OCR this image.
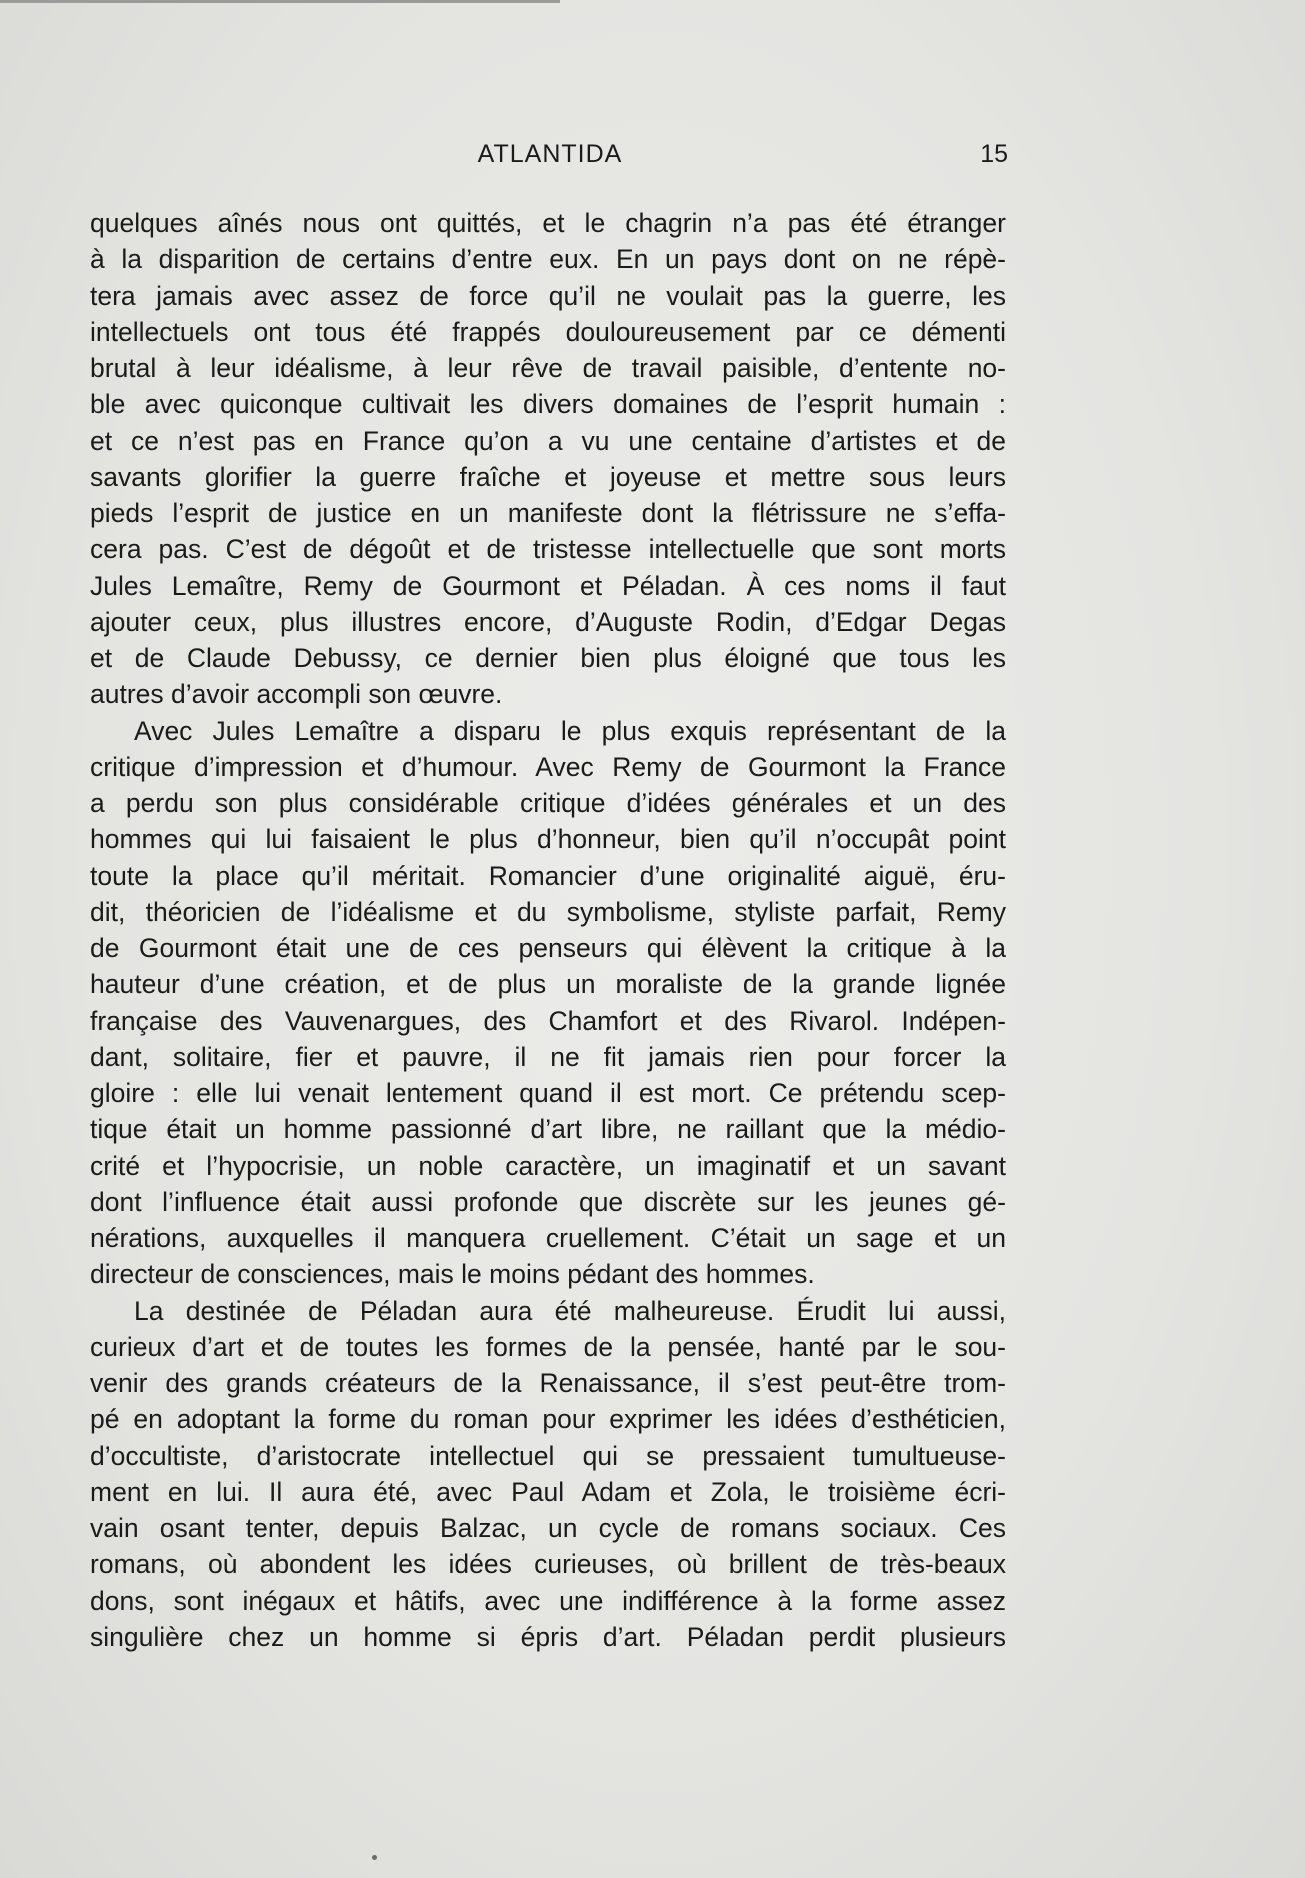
ATLANTIDA	15
quelques aînés nous ont quittés, et le chagrin n’a pas été étranger
à la disparition de certains d’entre eux. En un pays dont on ne répè-
tera jamais avec assez de force qu’il ne voulait pas la guerre, les
intellectuels ont tous été frappés douloureusement par ce démenti
brutal à leur idéalisme, à leur rêve de travail paisible, d’entente no-
ble avec quiconque cultivait les divers domaines de l’esprit humain :
et ce n’est pas en France qu’on a vu une centaine d’artistes et de
savants glorifier la guerre fraîche et joyeuse et mettre sous leurs
pieds l’esprit de justice en un manifeste dont la flétrissure ne s’effa-
cera pas. C’est de dégoût et de tristesse intellectuelle que sont morts
Jules Lemaître, Remy de Gourmont et Péladan. À ces noms il faut
ajouter ceux, plus illustres encore, d’Auguste Rodin, d’Edgar Degas
et de Claude Debussy, ce dernier bien plus éloigné que tous les
autres d’avoir accompli son œuvre.
Avec Jules Lemaître a disparu le plus exquis représentant de la
critique d’impression et d’humour. Avec Remy de Gourmont la France
a perdu son plus considérable critique d’idées générales et un des
hommes qui lui faisaient le plus d’honneur, bien qu’il n’occupât point
toute la place qu’il méritait. Romancier d’une originalité aiguë, éru-
dit, théoricien de l’idéalisme et du symbolisme, styliste parfait, Remy
de Gourmont était une de ces penseurs qui élèvent la critique à la
hauteur d’une création, et de plus un moraliste de la grande lignée
française des Vauvenargues, des Chamfort et des Rivarol. Indépen-
dant, solitaire, fier et pauvre, il ne fit jamais rien pour forcer la
gloire : elle lui venait lentement quand il est mort. Ce prétendu scep-
tique était un homme passionné d’art libre, ne raillant que la médio-
crité et l’hypocrisie, un noble caractère, un imaginatif et un savant
dont l’influence était aussi profonde que discrète sur les jeunes gé-
nérations, auxquelles il manquera cruellement. C’était un sage et un
directeur de consciences, mais le moins pédant des hommes.
La destinée de Péladan aura été malheureuse. Érudit lui aussi,
curieux d’art et de toutes les formes de la pensée, hanté par le sou-
venir des grands créateurs de la Renaissance, il s’est peut-être trom-
pé en adoptant la forme du roman pour exprimer les idées d’esthéticien,
d’occultiste, d’aristocrate intellectuel qui se pressaient tumultueuse-
ment en lui. Il aura été, avec Paul Adam et Zola, le troisième écri-
vain osant tenter, depuis Balzac, un cycle de romans sociaux. Ces
romans, où abondent les idées curieuses, où brillent de très-beaux
dons, sont inégaux et hâtifs, avec une indifférence à la forme assez
singulière chez un homme si épris d’art. Péladan perdit plusieurs
